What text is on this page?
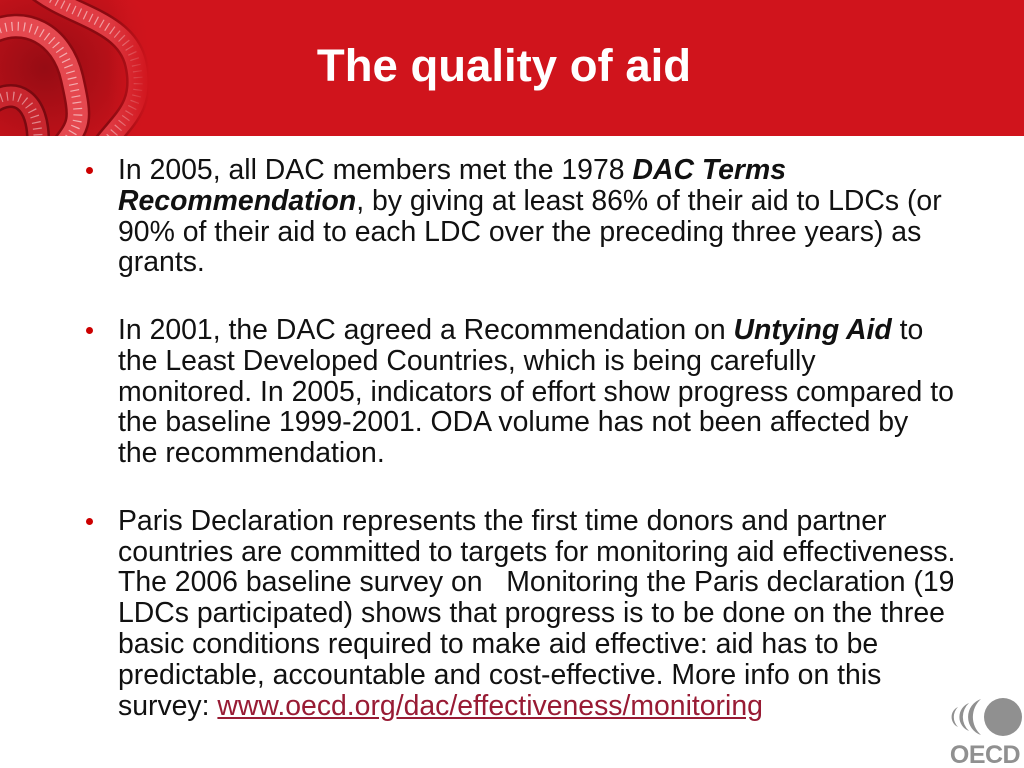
The quality of aid
In 2005, all DAC members met the 1978 DAC Terms
Recommendation, by giving at least 86% of their aid to LDCs (or
90% of their aid to each LDC over the preceding three years) as
grants.
In 2001, the DAC agreed a Recommendation on Untying Aid to
the Least Developed Countries, which is being carefully
monitored. In 2005, indicators of effort show progress compared to
the baseline 1999-2001. ODA volume has not been affected by
the recommendation.
Paris Declaration represents the first time donors and partner
countries are committed to targets for monitoring aid effectiveness.
The 2006 baseline survey on   Monitoring the Paris declaration (19
LDCs participated) shows that progress is to be done on the three
basic conditions required to make aid effective: aid has to be
predictable, accountable and cost-effective. More info on this
survey: www.oecd.org/dac/effectiveness/monitoring
OECD
